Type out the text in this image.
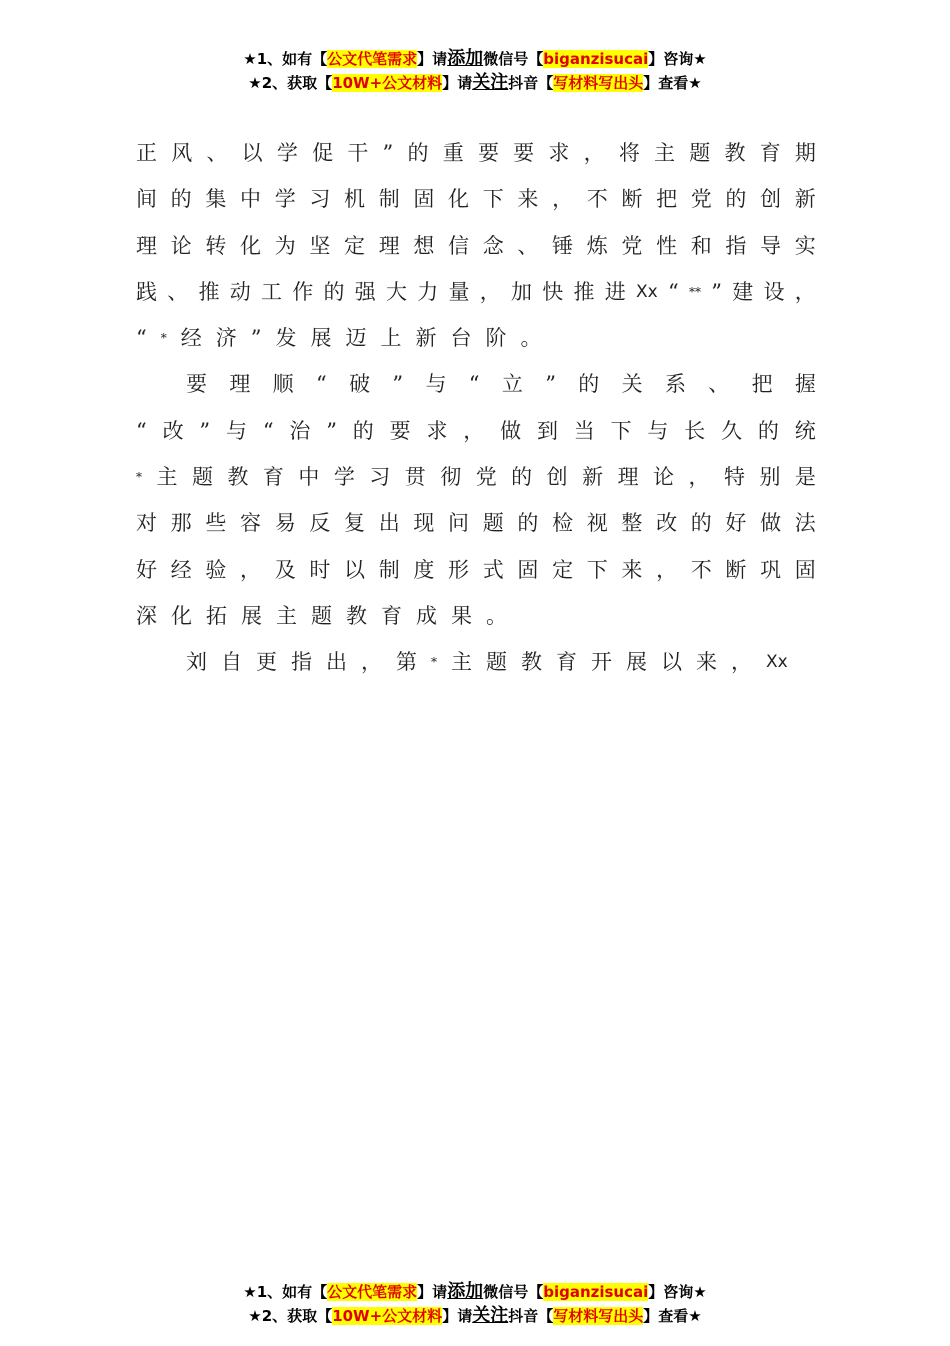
★1、如有【公文代笔需求】请添加微信号【biganzisucai】咨询★
★2、获取【10W+公文材料】请关注抖音【写材料写出头】查看★
正 风 、 以 学 促 干 ” 的 重 要 要 求 ， 将 主 题 教 育 期
间 的 集 中 学 习 机 制 固 化 下 来 ， 不 断 把 党 的 创 新
理 论 转 化 为 坚 定 理 想 信 念 、 锤 炼 党 性 和 指 导 实
践 、 推 动 工 作 的 强 大 力 量 ， 加 快 推 进 Xx “ ** ” 建 设 ，
“ * 经 济 ” 发 展 迈 上 新 台 阶 。
要 理 顺 “ 破 ” 与 “ 立 ” 的 关 系 、 把 握
“ 改 ” 与 “ 治 ” 的 要 求 ， 做 到 当 下 与 长 久 的 统
* 主 题 教 育 中 学 习 贯 彻 党 的 创 新 理 论 ， 特 别 是
对 那 些 容 易 反 复 出 现 问 题 的 检 视 整 改 的 好 做 法
好 经 验 ， 及 时 以 制 度 形 式 固 定 下 来 ， 不 断 巩 固
深 化 拓 展 主 题 教 育 成 果 。
刘 自 更 指 出 ， 第 * 主 题 教 育 开 展 以 来 ， Xx
★1、如有【公文代笔需求】请添加微信号【biganzisucai】咨询★
★2、获取【10W+公文材料】请关注抖音【写材料写出头】查看★
